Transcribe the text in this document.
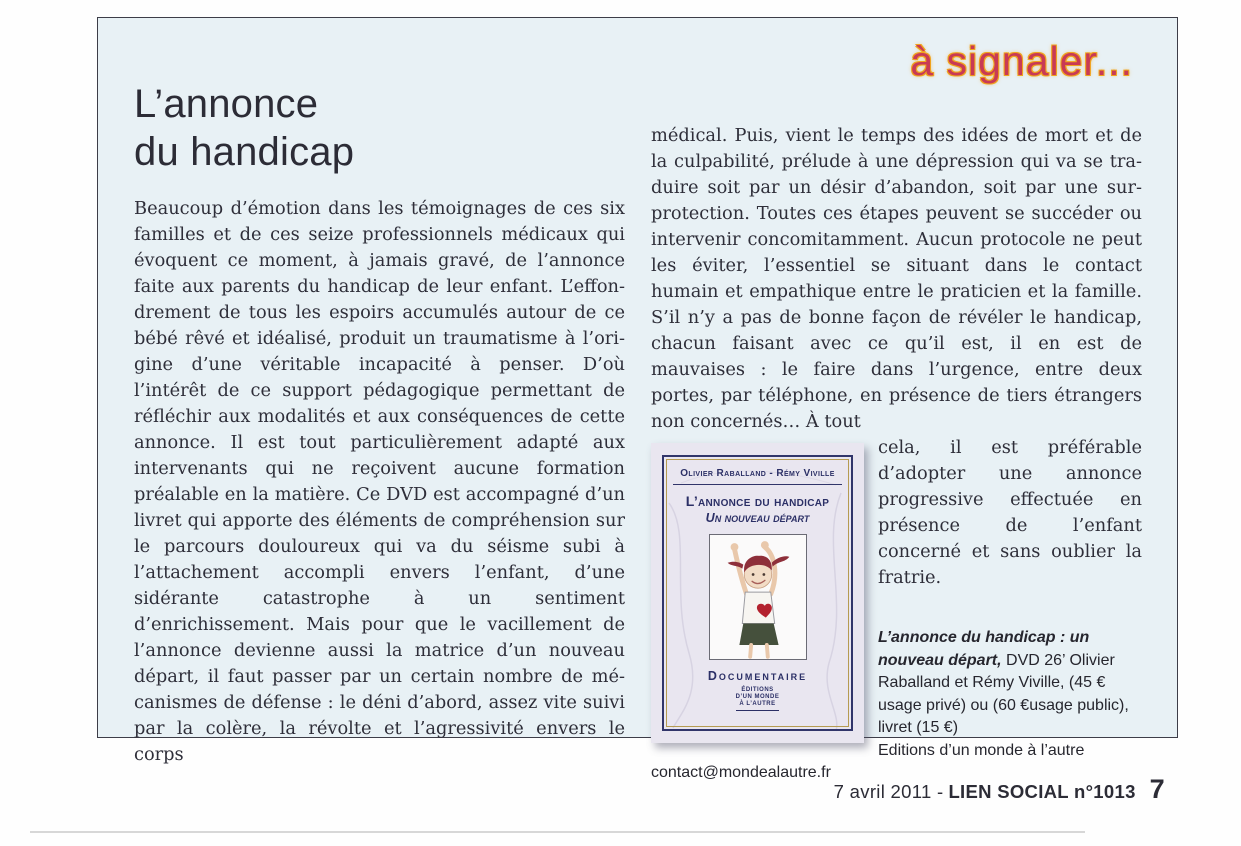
à signaler...
L’annonce
du handicap

Beaucoup d’émotion dans les témoignages de ces six familles et de ces seize professionnels médicaux qui évoquent ce moment, à jamais gravé, de l’annonce faite aux parents du handicap de leur enfant. L’effondrement de tous les espoirs accumulés autour de ce bébé rêvé et idéalisé, produit un traumatisme à l’origine d’une véritable incapacité à penser. D’où l’intérêt de ce support pédagogique permettant de réfléchir aux modalités et aux conséquences de cette annonce. Il est tout particulièrement adapté aux intervenants qui ne reçoivent aucune formation préalable en la matière. Ce DVD est accompagné d’un livret qui apporte des éléments de compréhension sur le parcours douloureux qui va du séisme subi à l’attachement accompli envers l’enfant, d’une sidérante catastrophe à un sentiment d’enrichissement. Mais pour que le vacillement de l’annonce devienne aussi la matrice d’un nouveau départ, il faut passer par un certain nombre de mécanismes de défense : le déni d’abord, assez vite suivi par la colère, la révolte et l’agressivité envers le corps

médical. Puis, vient le temps des idées de mort et de la culpabilité, prélude à une dépression qui va se traduire soit par un désir d’abandon, soit par une surprotection. Toutes ces étapes peuvent se succéder ou intervenir concomitamment. Aucun protocole ne peut les éviter, l’essentiel se situant dans le contact humain et empathique entre le praticien et la famille. S’il n’y a pas de bonne façon de révéler le handicap, chacun faisant avec ce qu’il est, il en est de mauvaises : le faire dans l’urgence, entre deux portes, par téléphone, en présence de tiers étrangers non concernés… À tout

Olivier Raballand - Rémy Viville
L’annonce du handicap
Un nouveau départ
Documentaire
ÉDITIONS
D’UN MONDE
À L’AUTRE

cela, il est préférable d’adopter une annonce progressive effectuée en présence de l’enfant concerné et sans oublier la fratrie.

L’annonce du handicap : un nouveau départ, DVD 26’ Olivier Raballand et Rémy Viville, (45 € usage privé) ou (60 €usage public), livret (15 €)

Editions d’un monde à l’autre

contact@mondealautre.fr

7 avril 2011 - LIEN SOCIAL n°1013 7
